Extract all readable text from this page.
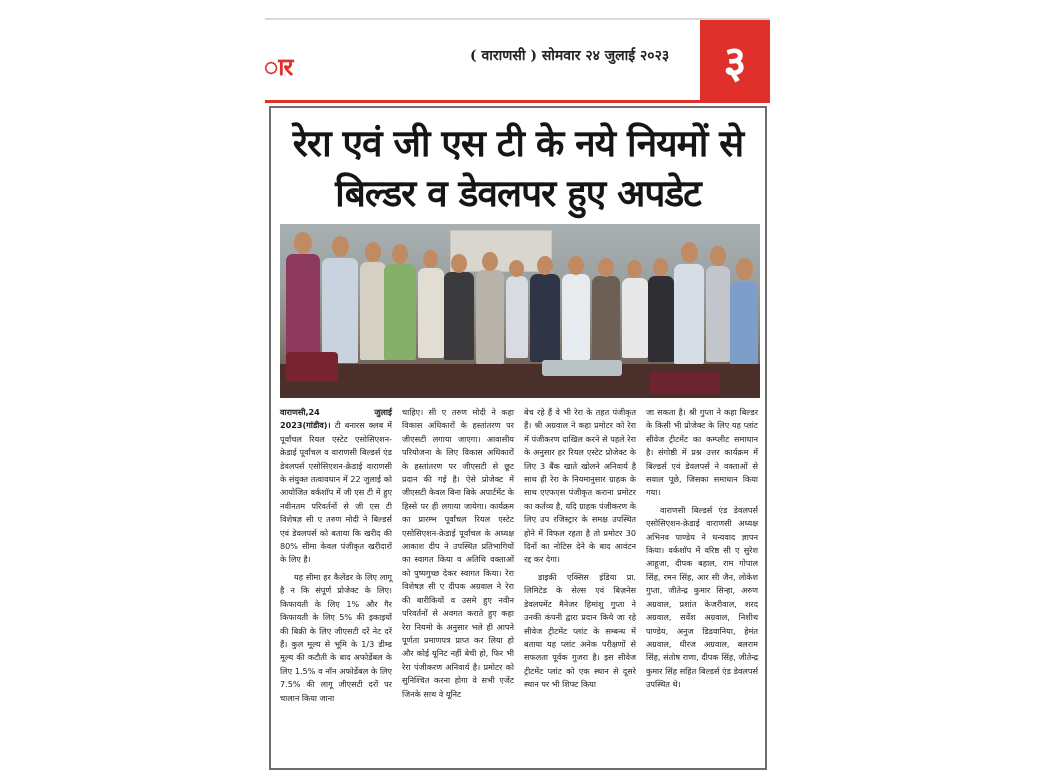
ार	( वाराणसी ) सोमवार २४ जुलाई २०२३	३
रेरा एवं जी एस टी के नये नियमों से
बिल्डर व डेवलपर हुए अपडेट

वाराणसी,24 जुलाई 2023(गांडीव)। टी बनारस क्लब में पूर्वांचल रियल एस्टेट एसोसिएशन-क्रेडाई पूर्वांचल व वाराणसी बिल्डर्स एंड डेवलपर्स एसोसिएशन-क्रेडाई वाराणसी के संयुक्त तत्वावधान में 22 जुलाई को आयोजित वर्कशॉप में जी एस टी में हुए नवीनतम परिवर्तनों से जी एस टी विशेषज्ञ सी ए तरुण मोदी ने बिल्डर्स एवं डेवलपर्स को बताया कि खरीद की 80% सीमा केवल पंजीकृत खरीदारों के लिए है।

यह सीमा हर कैलेंडर के लिए लागू है न कि संपूर्ण प्रोजेक्ट के लिए। किफायती के लिए 1% और गैर किफायती के लिए 5% की इकाइयों की बिक्री के लिए जीएसटी दरें नेट दरें हैं। कुल मूल्य से भूमि के 1/3 डीम्ड मूल्य की कटौती के बाद अफोर्डेबल के लिए 1.5% व नॉन अफोर्डेबल के लिए 7.5% की लागू जीएसटी दरों पर चालान किया जाना

चाहिए। सी ए तरुण मोदी ने कहा विकास अधिकारों के हस्तांतरण पर जीएसटी लगाया जाएगा। आवासीय परियोजना के लिए विकास अधिकारों के हस्तांतरण पर जीएसटी से छूट प्रदान की गई है। ऐसे प्रोजेक्ट में जीएसटी केवल बिना बिके अपार्टमेंट के हिस्से पर ही लगाया जायेगा। कार्यक्रम का प्रारम्भ पूर्वांचल रियल एस्टेट एसोसिएशन-क्रेडाई पूर्वांचल के अध्यक्ष आकाश दीप ने उपस्थित प्रतिभागियों का स्वागत किया व अतिथि वक्ताओं को पुष्पगुच्छ देकर स्वागत किया। रेरा विशेषज्ञ सी ए दीपक अग्रवाल ने रेरा की बारीकियों व उसमे हुए नवीन परिवर्तनों से अवगत कराते हुए कहा रेरा नियमो के अनुसार भले ही आपने पूर्णता प्रमाणपत्र प्राप्त कर लिया हो और कोई यूनिट नहीं बेची हो, फिर भी रेरा पंजीकरण अनिवार्य है। प्रमोटर को सुनिश्चित करना होगा वे सभी एजेंट जिनके साथ वे यूनिट

बेच रहे हैं वे भी रेरा के तहत पंजीकृत हैं। श्री अग्रवाल ने कहा प्रमोटर को रेरा में पंजीकरण दाखिल करने से पहले रेरा के अनुसार हर रियल एस्टेट प्रोजेक्ट के लिए 3 बैंक खाते खोलने अनिवार्य है साथ ही रेरा के नियमानुसार ग्राहक के साथ एएफएस पंजीकृत कराना प्रमोटर का कर्तव्य है, यदि ग्राहक पंजीकरण के लिए उप रजिस्ट्रार के समक्ष उपस्थित होने में विफल रहता है तो प्रमोटर 30 दिनों का नोटिस देने के बाद आवंटन रद्द कर देगा।

डाइकी एक्सिस इंडिया प्रा. लिमिटेड के सेल्स एवं बिज़नेस डेवलपमेंट मैनेजर हिमांशु गुप्ता ने उनकी कंपनी द्वारा प्रदान किये जा रहे सीवेज ट्रीटमेंट प्लांट के सम्बन्ध में बताया यह प्लांट अनेक परीक्षणों से सफलता पूर्वक गुजरा है। इस सीवेज ट्रीटमेंट प्लांट को एक स्थान से दूसरे स्थान पर भी शिफ्ट किया

जा सकता है। श्री गुप्ता ने कहा बिल्डर के किसी भी प्रोजेक्ट के लिए यह प्लांट सीवेज ट्रीटमेंट का कम्प्लीट समाधान है। संगोष्ठी में प्रश्न उत्तर कार्यक्रम में बिल्डर्स एवं डेवलपर्स ने वक्ताओं से सवाल पूछे, जिसका समाधान किया गया।

वाराणसी बिल्डर्स एंड डेवलपर्स एसोसिएशन-क्रेडाई वाराणसी अध्यक्ष अभिनव पाण्डेय ने धन्यवाद ज्ञापन किया। वर्कशॉप में वरिष्ठ सी ए सुरेश आहूजा, दीपक बहाल, राम गोपाल सिंह, रमन सिंह, आर सी जैन, लोकेश गुप्ता, जीतेन्द्र कुमार सिन्हा, अरुण अग्रवाल, प्रशांत केजरीवाल, शरद अग्रवाल, सर्वेश अग्रवाल, निशीथ पाण्डेय, अनुज डिडवानिया, हेमंत अग्रवाल, धीरज अग्रवाल, बलराम सिंह, संतोष राणा, दीपक सिंह, जीतेन्द्र कुमार सिंह सहित बिल्डर्स एंड डेवलपर्स उपस्थित थे।
